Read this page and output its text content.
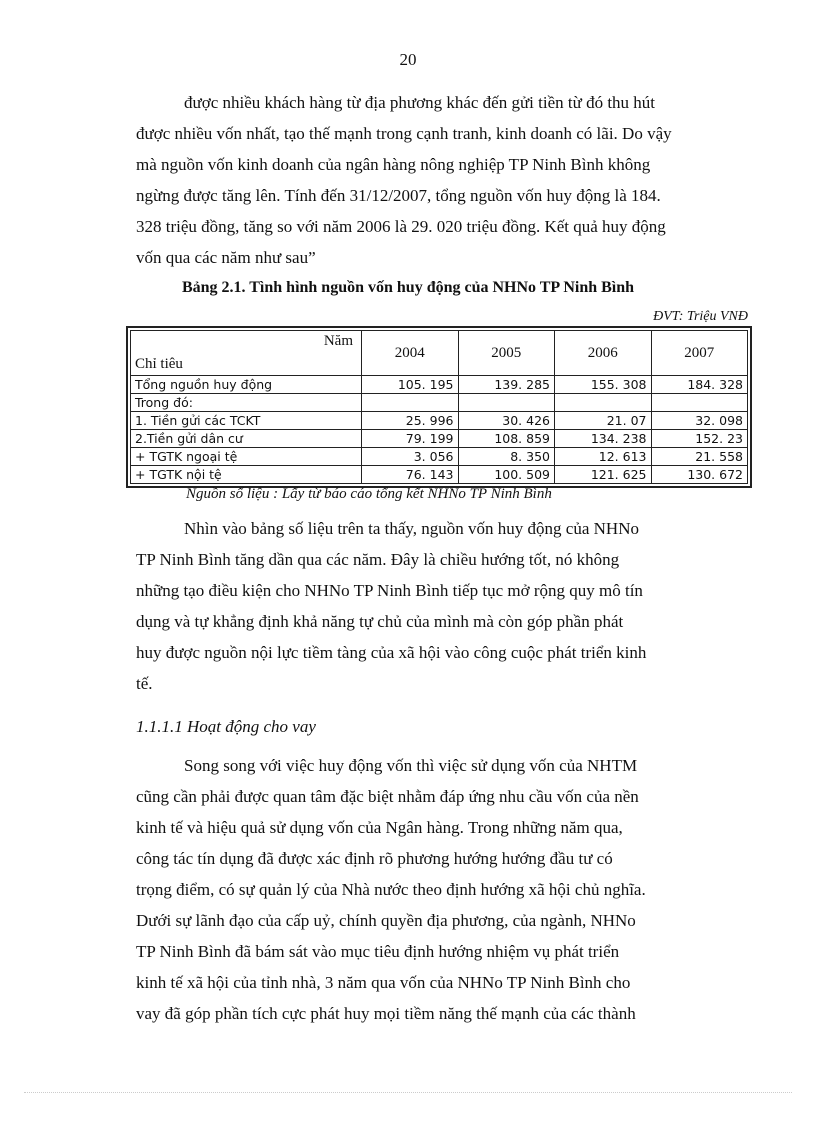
20
được nhiều khách hàng từ địa phương khác đến gửi tiền từ đó thu hút
được nhiều vốn nhất, tạo thế mạnh trong cạnh tranh, kinh doanh có lãi. Do vậy
mà nguồn vốn kinh doanh của ngân hàng nông nghiệp TP Ninh Bình không
ngừng được tăng lên. Tính đến 31/12/2007, tổng nguồn vốn huy động là 184.
328 triệu đồng, tăng so với năm 2006 là 29. 020 triệu đồng. Kết quả huy động
vốn qua các năm như sau”
Bảng 2.1. Tình hình nguồn vốn huy động của NHNo TP Ninh Bình
ĐVT: Triệu VNĐ
Năm
Chỉ tiêu	2004	2005	2006	2007
Tổng nguồn huy động	105. 195	139. 285	155. 308	184. 328
Trong đó:				
1. Tiền gửi các TCKT	25. 996	30. 426	21. 07	32. 098
2.Tiền gửi dân cư	79. 199	108. 859	134. 238	152. 23
+ TGTK ngoại tệ	3. 056	8. 350	12. 613	21. 558
+ TGTK nội tệ	76. 143	100. 509	121. 625	130. 672
Nguồn số liệu : Lấy từ báo cáo tổng kết NHNo TP Ninh Bình
Nhìn vào bảng số liệu trên ta thấy, nguồn vốn huy động của NHNo
TP Ninh Bình tăng dần qua các năm. Đây là chiều hướng tốt, nó không
những tạo điều kiện cho NHNo TP Ninh Bình tiếp tục mở rộng quy mô tín
dụng và tự khẳng định khả năng tự chủ của mình mà còn góp phần phát
huy được nguồn nội lực tiềm tàng của xã hội vào công cuộc phát triển kinh
tế.
1.1.1.1 Hoạt động cho vay
Song song với việc huy động vốn thì việc sử dụng vốn của NHTM
cũng cần phải được quan tâm đặc biệt nhằm đáp ứng nhu cầu vốn của nền
kinh tế và hiệu quả sử dụng vốn của Ngân hàng. Trong những năm qua,
công tác tín dụng đã được xác định rõ phương hướng hướng đầu tư có
trọng điểm, có sự quản lý của Nhà nước theo định hướng xã hội chủ nghĩa.
Dưới sự lãnh đạo của cấp uỷ, chính quyền địa phương, của ngành, NHNo
TP Ninh Bình đã bám sát vào mục tiêu định hướng nhiệm vụ phát triển
kinh tế xã hội của tỉnh nhà, 3 năm qua vốn của NHNo TP Ninh Bình cho
vay đã góp phần tích cực phát huy mọi tiềm năng thế mạnh của các thành
